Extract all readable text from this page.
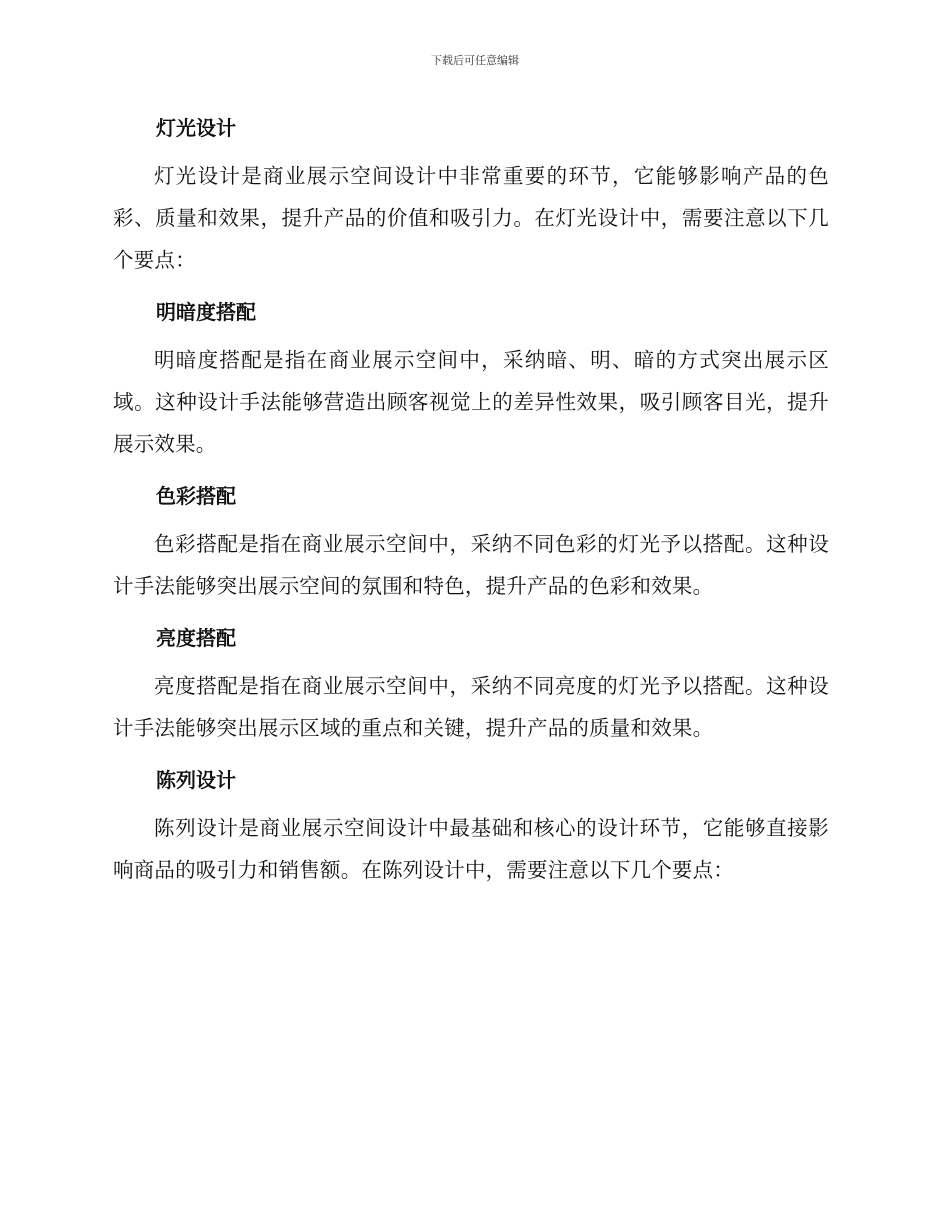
下载后可任意编辑
灯光设计

灯光设计是商业展示空间设计中非常重要的环节，它能够影响产品的色彩、质量和效果，提升产品的价值和吸引力。在灯光设计中，需要注意以下几个要点：

明暗度搭配

明暗度搭配是指在商业展示空间中，采纳暗、明、暗的方式突出展示区域。这种设计手法能够营造出顾客视觉上的差异性效果，吸引顾客目光，提升展示效果。

色彩搭配

色彩搭配是指在商业展示空间中，采纳不同色彩的灯光予以搭配。这种设计手法能够突出展示空间的氛围和特色，提升产品的色彩和效果。

亮度搭配

亮度搭配是指在商业展示空间中，采纳不同亮度的灯光予以搭配。这种设计手法能够突出展示区域的重点和关键，提升产品的质量和效果。

陈列设计

陈列设计是商业展示空间设计中最基础和核心的设计环节，它能够直接影响商品的吸引力和销售额。在陈列设计中，需要注意以下几个要点：
